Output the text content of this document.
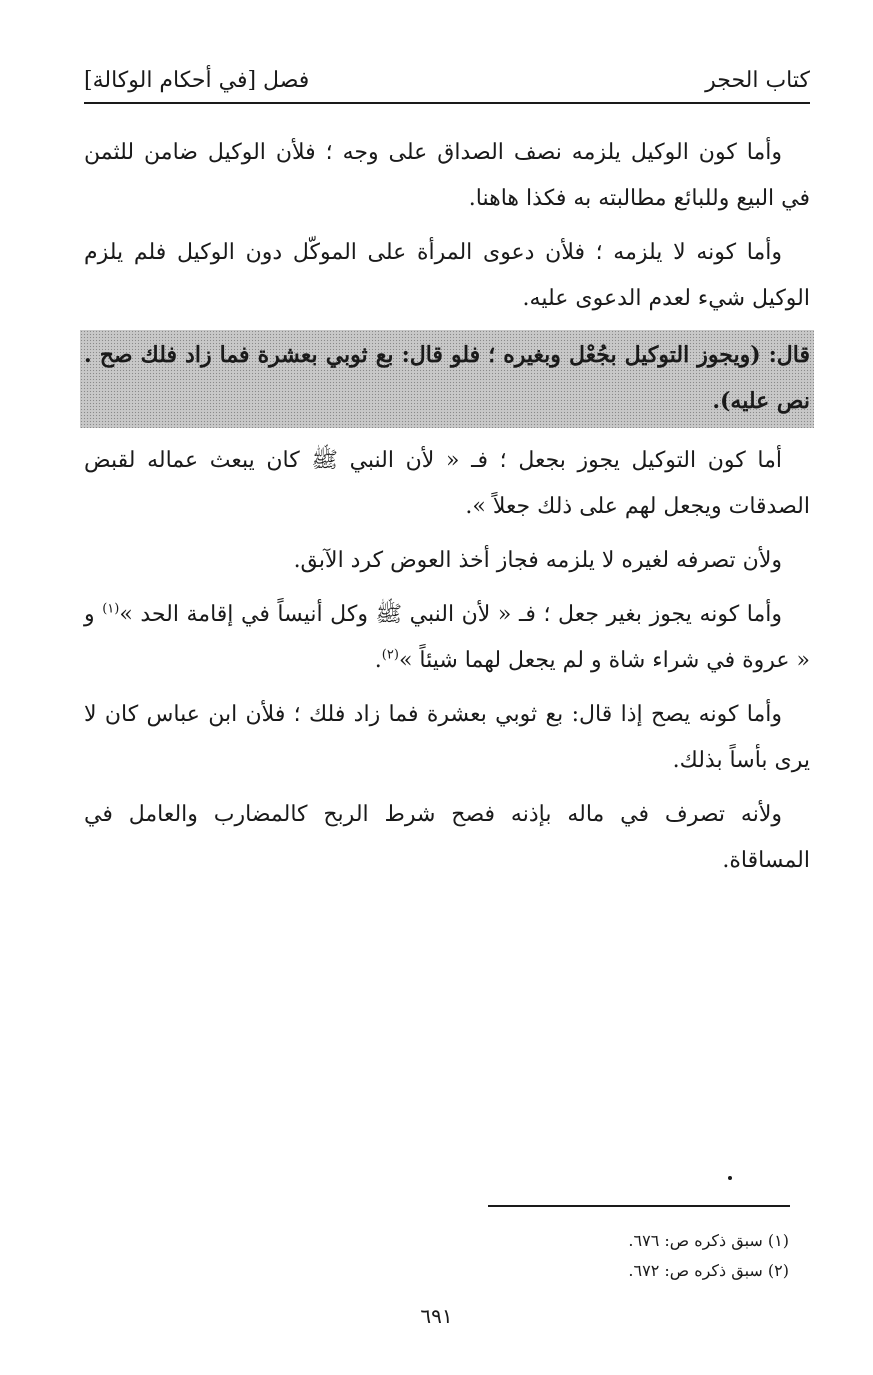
كتاب الحجر
فصل [في أحكام الوكالة]

وأما كون الوكيل يلزمه نصف الصداق على وجه ؛ فلأن الوكيل ضامن للثمن في البيع وللبائع مطالبته به فكذا هاهنا.

وأما كونه لا يلزمه ؛ فلأن دعوى المرأة على الموكّل دون الوكيل فلم يلزم الوكيل شيء لعدم الدعوى عليه.

قال: (ويجوز التوكيل بجُعْل وبغيره ؛ فلو قال: بع ثوبي بعشرة فما زاد فلك صح . نص عليه).

أما كون التوكيل يجوز بجعل ؛ فـ « لأن النبي ﷺ كان يبعث عماله لقبض الصدقات ويجعل لهم على ذلك جعلاً ».

ولأن تصرفه لغيره لا يلزمه فجاز أخذ العوض كرد الآبق.

وأما كونه يجوز بغير جعل ؛ فـ « لأن النبي ﷺ وكل أنيساً في إقامة الحد »$^{(١)}$ و « عروة في شراء شاة و لم يجعل لهما شيئاً »$^{(٢)}$.

وأما كونه يصح إذا قال: بع ثوبي بعشرة فما زاد فلك ؛ فلأن ابن عباس كان لا يرى بأساً بذلك.

ولأنه تصرف في ماله بإذنه فصح شرط الربح كالمضارب والعامل في المساقاة.

(١) سبق ذكره ص: ٦٧٦.
(٢) سبق ذكره ص: ٦٧٢.
٦٩١
